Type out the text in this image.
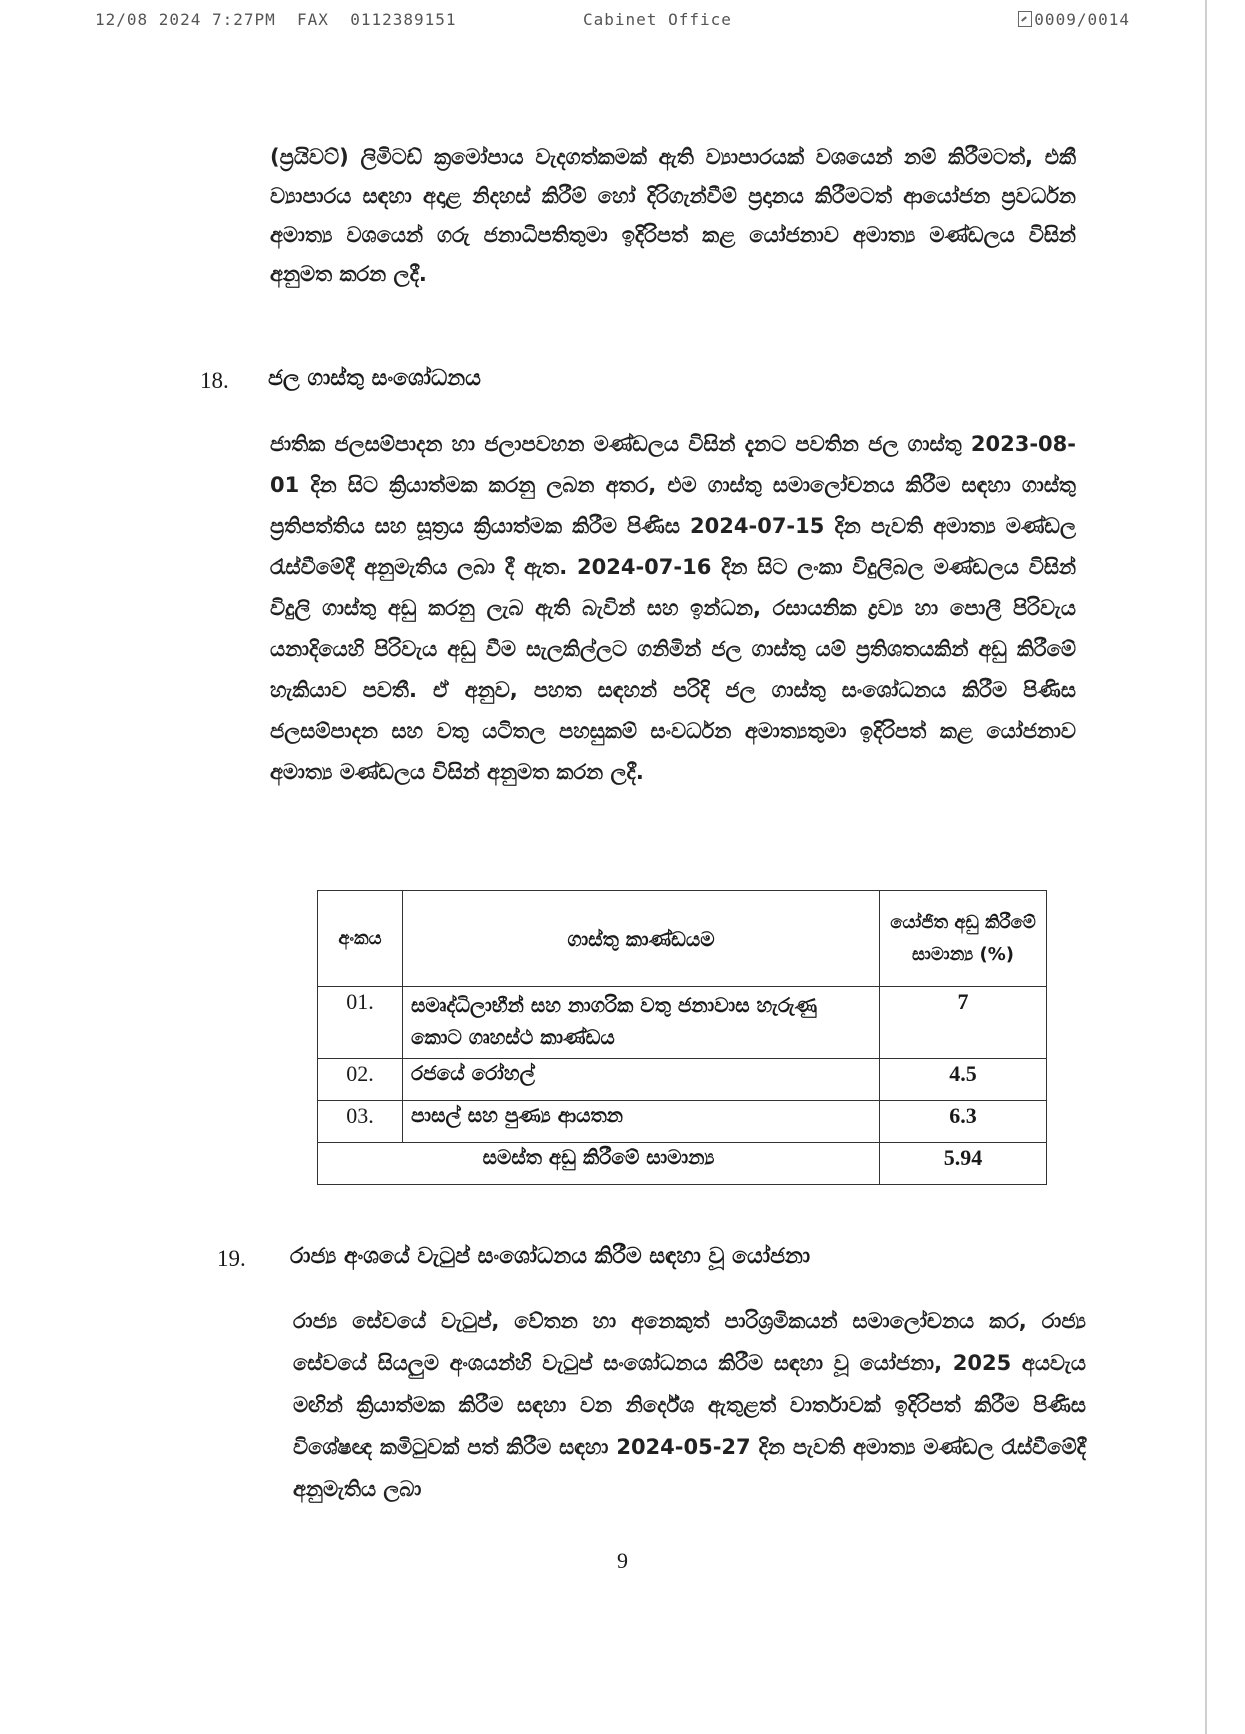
12/08 2024 7:27PM FAX 0112389151	Cabinet Office	0009/0014
(ප්‍රයිවට්) ලිමිටඩ් ක්‍රමෝපාය වැදගත්කමක් ඇති ව්‍යාපාරයක් වශයෙන් නම් කිරීමටත්, එකී ව්‍යාපාරය සඳහා අදාළ නිදහස් කිරීම් හෝ දිරිගැන්වීම් ප්‍රදානය කිරීමටත් ආයෝජන ප්‍රවර්ධන අමාත්‍ය වශයෙන් ගරු ජනාධිපතිතුමා ඉදිරිපත් කළ යෝජනාව අමාත්‍ය මණ්ඩලය විසින් අනුමත කරන ලදී.
18. ජල ගාස්තු සංශෝධනය
ජාතික ජලසම්පාදන හා ජලාපවහන මණ්ඩලය විසින් දැනට පවතින ජල ගාස්තු 2023-08-01 දින සිට ක්‍රියාත්මක කරනු ලබන අතර, එම ගාස්තු සමාලෝචනය කිරීම සඳහා ගාස්තු ප්‍රතිපත්තිය සහ සූත්‍රය ක්‍රියාත්මක කිරීම පිණිස 2024-07-15 දින පැවති අමාත්‍ය මණ්ඩල රැස්වීමේදී අනුමැතිය ලබා දී ඇත. 2024-07-16 දින සිට ලංකා විදුලිබල මණ්ඩලය විසින් විදුලි ගාස්තු අඩු කරනු ලැබ ඇති බැවින් සහ ඉන්ධන, රසායනික ද්‍රව්‍ය හා පොලී පිරිවැය යනාදියෙහි පිරිවැය අඩු වීම සැලකිල්ලට ගනිමින් ජල ගාස්තු යම් ප්‍රතිශතයකින් අඩු කිරීමේ හැකියාව පවතී. ඒ අනුව, පහත සඳහන් පරිදි ජල ගාස්තු සංශෝධනය කිරීම පිණිස ජලසම්පාදන සහ වතු යටිතල පහසුකම් සංවර්ධන අමාත්‍යතුමා ඉදිරිපත් කළ යෝජනාව අමාත්‍ය මණ්ඩලය විසින් අනුමත කරන ලදී.
අංකය	ගාස්තු කාණ්ඩයම	යෝජිත අඩු කිරීමේ සාමාන්‍ය (%)
01.	සමෘද්ධිලාභීන් සහ නාගරික වතු ජනාවාස හැරුණු කොට ගෘහස්ථ කාණ්ඩය	7
02.	රජයේ රෝහල්	4.5
03.	පාසල් සහ පුණ්‍ය ආයතන	6.3
සමස්ත අඩු කිරීමේ සාමාන්‍ය		5.94
19. රාජ්‍ය අංශයේ වැටුප් සංශෝධනය කිරීම සඳහා වූ යෝජනා
රාජ්‍ය සේවයේ වැටුප්, වේතන හා අනෙකුත් පාරිශ්‍රමිකයන් සමාලෝචනය කර, රාජ්‍ය සේවයේ සියලුම අංශයන්හි වැටුප් සංශෝධනය කිරීම සඳහා වූ යෝජනා, 2025 අයවැය මඟින් ක්‍රියාත්මක කිරීම සඳහා වන නිර්දේශ ඇතුළත් වාර්තාවක් ඉදිරිපත් කිරීම පිණිස විශේෂඥ කමිටුවක් පත් කිරීම සඳහා 2024-05-27 දින පැවති අමාත්‍ය මණ්ඩල රැස්වීමේදී අනුමැතිය ලබා
9
